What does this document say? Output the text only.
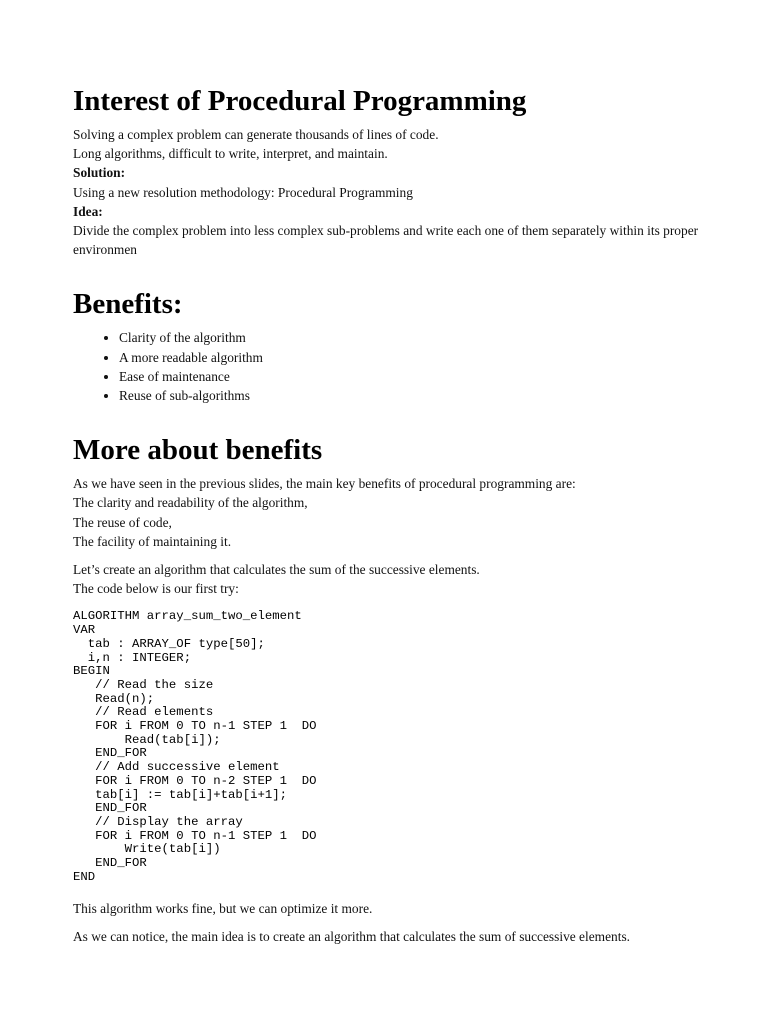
Interest of Procedural Programming

Solving a complex problem can generate thousands of lines of code.

Long algorithms, difficult to write, interpret, and maintain.

Solution:

Using a new resolution methodology: Procedural Programming

Idea:

Divide the complex problem into less complex sub-problems and write each one of them separately within its proper environmen

Benefits:
• Clarity of the algorithm
• A more readable algorithm
• Ease of maintenance
• Reuse of sub-algorithms
More about benefits

As we have seen in the previous slides, the main key benefits of procedural programming are:

The clarity and readability of the algorithm,

The reuse of code,

The facility of maintaining it.

Let’s create an algorithm that calculates the sum of the successive elements.

The code below is our first try:

ALGORITHM array_sum_two_element
VAR
tab : ARRAY_OF type[50];
i,n : INTEGER;
BEGIN
// Read the size
Read(n);
// Read elements
FOR i FROM 0 TO n-1 STEP 1  DO
Read(tab[i]);
END_FOR
// Add successive element
FOR i FROM 0 TO n-2 STEP 1  DO
tab[i] := tab[i]+tab[i+1];
END_FOR
// Display the array
FOR i FROM 0 TO n-1 STEP 1  DO
Write(tab[i])
END_FOR
END

This algorithm works fine, but we can optimize it more.

As we can notice, the main idea is to create an algorithm that calculates the sum of successive elements.
